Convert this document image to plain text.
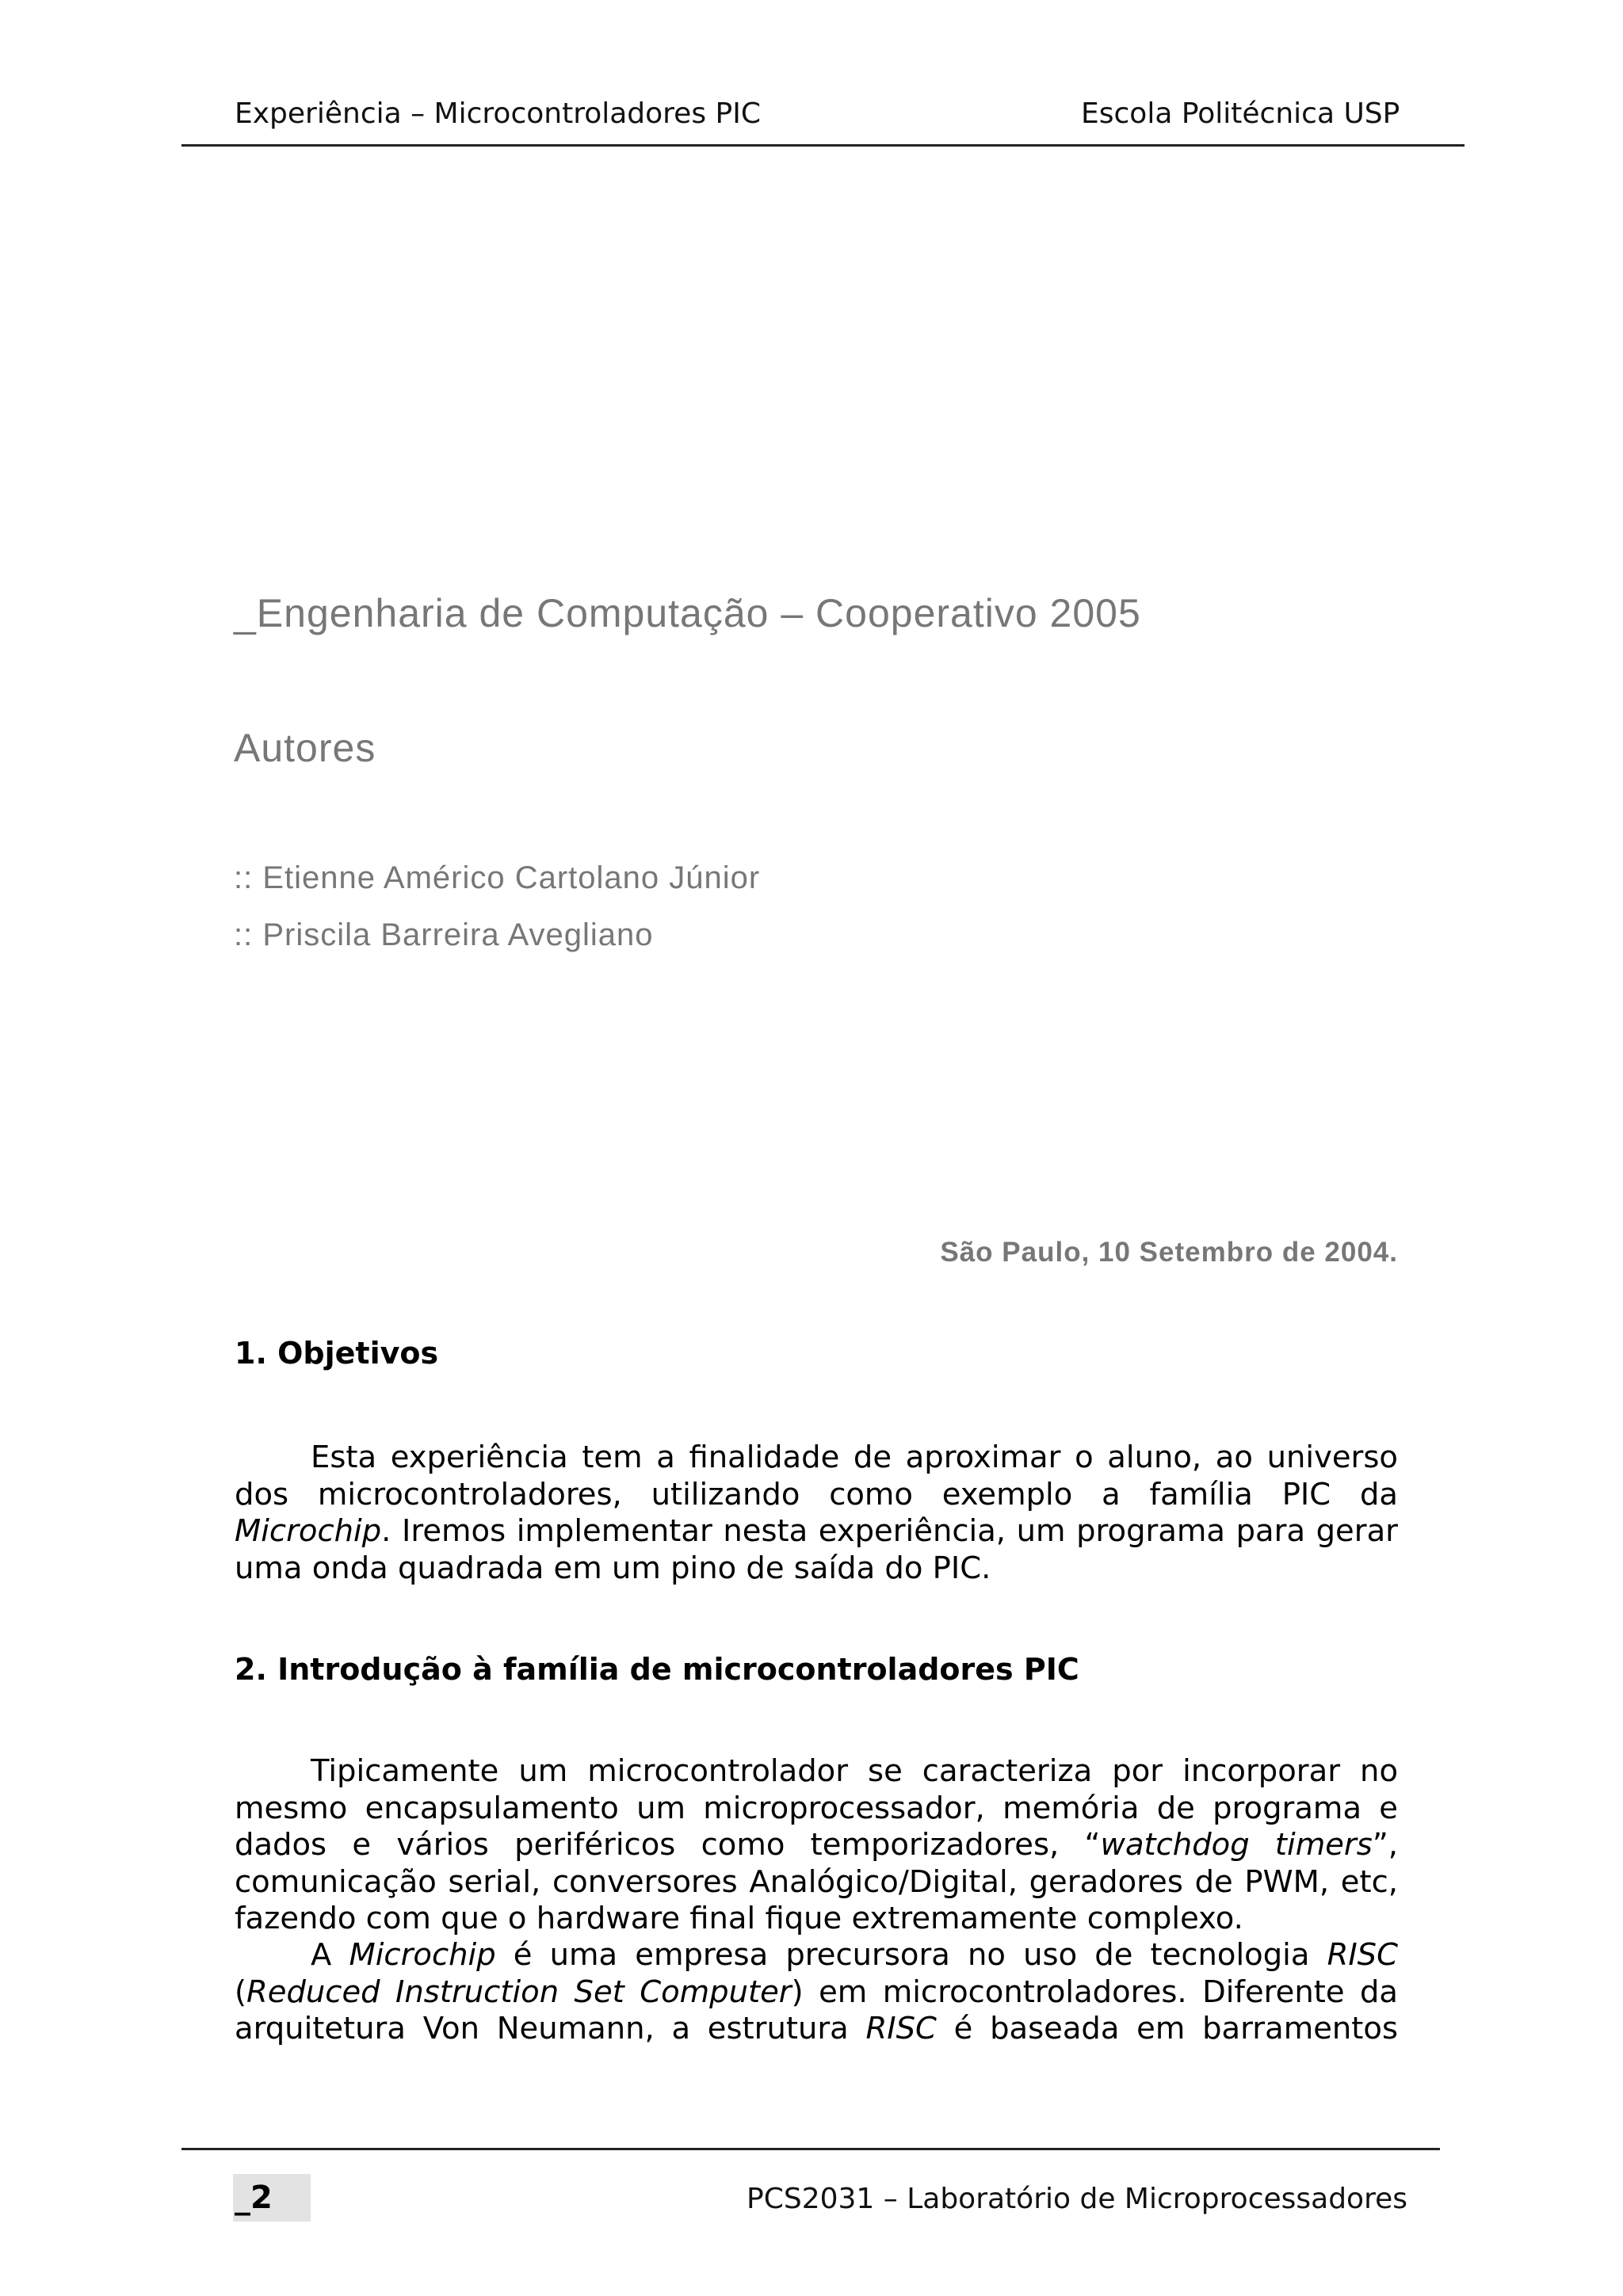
Experiência – Microcontroladores PIC	Escola Politécnica USP
_Engenharia de Computação – Cooperativo 2005
Autores
:: Etienne Américo Cartolano Júnior
:: Priscila Barreira Avegliano
São Paulo, 10 Setembro de 2004.
1. Objetivos
Esta experiência tem a finalidade de aproximar o aluno, ao universo
dos microcontroladores, utilizando como exemplo a família PIC da
Microchip. Iremos implementar nesta experiência, um programa para gerar
uma onda quadrada em um pino de saída do PIC.
2. Introdução à família de microcontroladores PIC
Tipicamente um microcontrolador se caracteriza por incorporar no
mesmo encapsulamento um microprocessador, memória de programa e
dados e vários periféricos como temporizadores, “watchdog timers”,
comunicação serial, conversores Analógico/Digital, geradores de PWM, etc,
fazendo com que o hardware final fique extremamente complexo.
A Microchip é uma empresa precursora no uso de tecnologia RISC
(Reduced Instruction Set Computer) em microcontroladores. Diferente da
arquitetura Von Neumann, a estrutura RISC é baseada em barramentos
_2	PCS2031 – Laboratório de Microprocessadores
